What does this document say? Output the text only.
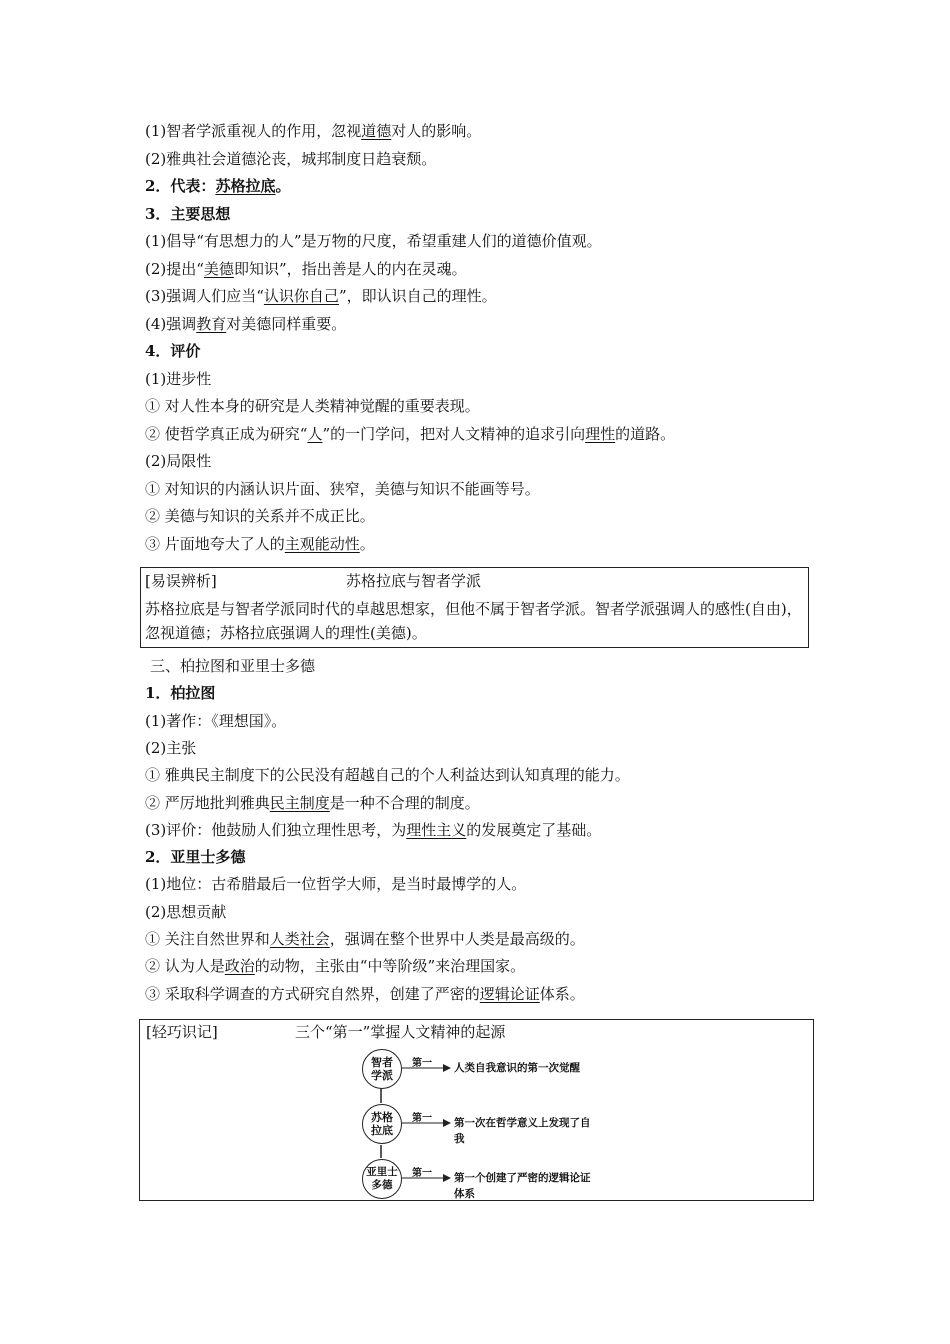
(1)智者学派重视人的作用，忽视道德对人的影响。
(2)雅典社会道德沦丧，城邦制度日趋衰颓。
2．代表：苏格拉底。
3．主要思想
(1)倡导“有思想力的人”是万物的尺度，希望重建人们的道德价值观。
(2)提出“美德即知识”，指出善是人的内在灵魂。
(3)强调人们应当“认识你自己”，即认识自己的理性。
(4)强调教育对美德同样重要。
4．评价
(1)进步性
① 对人性本身的研究是人类精神觉醒的重要表现。
② 使哲学真正成为研究“人”的一门学问，把对人文精神的追求引向理性的道路。
(2)局限性
① 对知识的内涵认识片面、狭窄，美德与知识不能画等号。
② 美德与知识的关系并不成正比。
③ 片面地夸大了人的主观能动性。
[易误辨析]	苏格拉底与智者学派
苏格拉底是与智者学派同时代的卓越思想家，但他不属于智者学派。智者学派强调人的感性(自由)，忽视道德；苏格拉底强调人的理性(美德)。
三、柏拉图和亚里士多德
1．柏拉图
(1)著作：《理想国》。
(2)主张
① 雅典民主制度下的公民没有超越自己的个人利益达到认知真理的能力。
② 严厉地批判雅典民主制度是一种不合理的制度。
(3)评价：他鼓励人们独立理性思考，为理性主义的发展奠定了基础。
2．亚里士多德
(1)地位：古希腊最后一位哲学大师，是当时最博学的人。
(2)思想贡献
① 关注自然世界和人类社会，强调在整个世界中人类是最高级的。
② 认为人是政治的动物，主张由“中等阶级”来治理国家。
③ 采取科学调查的方式研究自然界，创建了严密的逻辑论证体系。
[轻巧识记]	三个“第一”掌握人文精神的起源
智者
学派
第一 人类自我意识的第一次觉醒
苏格
拉底
第一 第一次在哲学意义上发现了自我
亚里士
多德
第一 第一个创建了严密的逻辑论证体系
